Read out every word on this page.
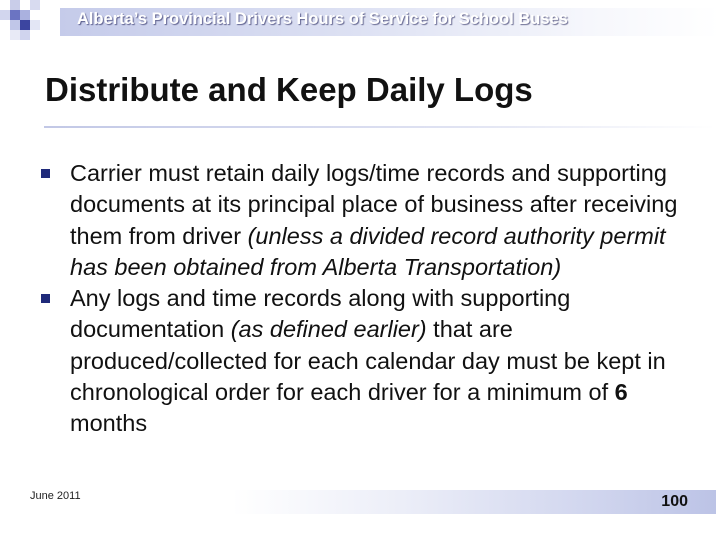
Alberta’s Provincial Drivers Hours of Service for School Buses
Distribute and Keep Daily Logs
Carrier must retain daily logs/time records and supporting documents at its principal place of business after receiving them from driver (unless a divided record authority permit has been obtained from Alberta Transportation)
Any logs and time records along with supporting documentation (as defined earlier) that are produced/collected for each calendar day must be kept in chronological order for each driver for a minimum of 6 months
June 2011	100
